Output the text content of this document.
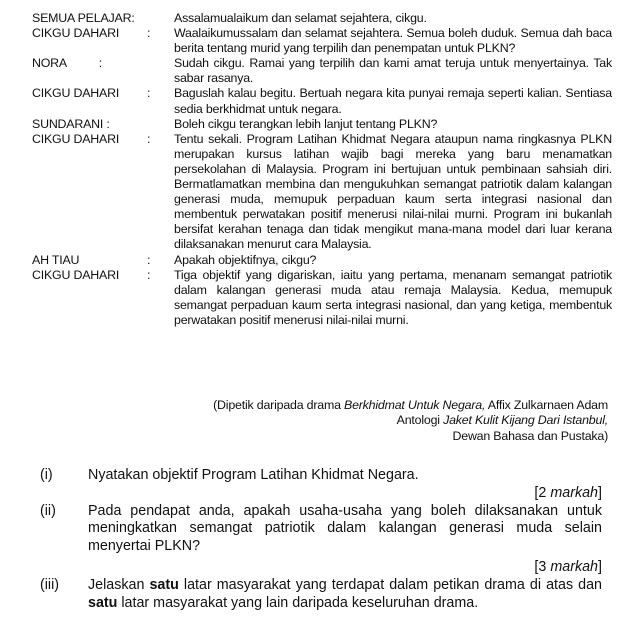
SEMUA PELAJAR:	Assalamualaikum dan selamat sejahtera, cikgu.
CIKGU DAHARI	:	Waalaikumussalam dan selamat sejahtera. Semua boleh duduk. Semua dah baca berita tentang murid yang terpilih dan penempatan untuk PLKN?
NORA          :	Sudah cikgu. Ramai yang terpilih dan kami amat teruja untuk menyertainya. Tak sabar rasanya.
CIKGU DAHARI	:	Baguslah kalau begitu. Bertuah negara kita punyai remaja seperti kalian. Sentiasa sedia berkhidmat untuk negara.
SUNDARANI :	Boleh cikgu terangkan lebih lanjut tentang PLKN?
CIKGU DAHARI	:	Tentu sekali. Program Latihan Khidmat Negara ataupun nama ringkasnya PLKN merupakan kursus latihan wajib bagi mereka yang baru menamatkan persekolahan di Malaysia. Program ini bertujuan untuk pembinaan sahsiah diri. Bermatlamatkan membina dan mengukuhkan semangat patriotik dalam kalangan generasi muda, memupuk perpaduan kaum serta integrasi nasional dan membentuk perwatakan positif menerusi nilai-nilai murni. Program ini bukanlah bersifat kerahan tenaga dan tidak mengikut mana-mana model dari luar kerana dilaksanakan menurut cara Malaysia.
AH TIAU	:	Apakah objektifnya, cikgu?
CIKGU DAHARI	:	Tiga objektif yang digariskan, iaitu yang pertama, menanam semangat patriotik dalam kalangan generasi muda atau remaja Malaysia. Kedua, memupuk semangat perpaduan kaum serta integrasi nasional, dan yang ketiga, membentuk perwatakan positif menerusi nilai-nilai murni.
(Dipetik daripada drama Berkhidmat Untuk Negara, Affix Zulkarnaen Adam
Antologi Jaket Kulit Kijang Dari Istanbul,
Dewan Bahasa dan Pustaka)
(i)	Nyatakan objektif Program Latihan Khidmat Negara.
[2 markah]
(ii)	Pada pendapat anda, apakah usaha-usaha yang boleh dilaksanakan untuk meningkatkan semangat patriotik dalam kalangan generasi muda selain menyertai PLKN?
[3 markah]
(iii)	Jelaskan satu latar masyarakat yang terdapat dalam petikan drama di atas dan satu latar masyarakat yang lain daripada keseluruhan drama.
